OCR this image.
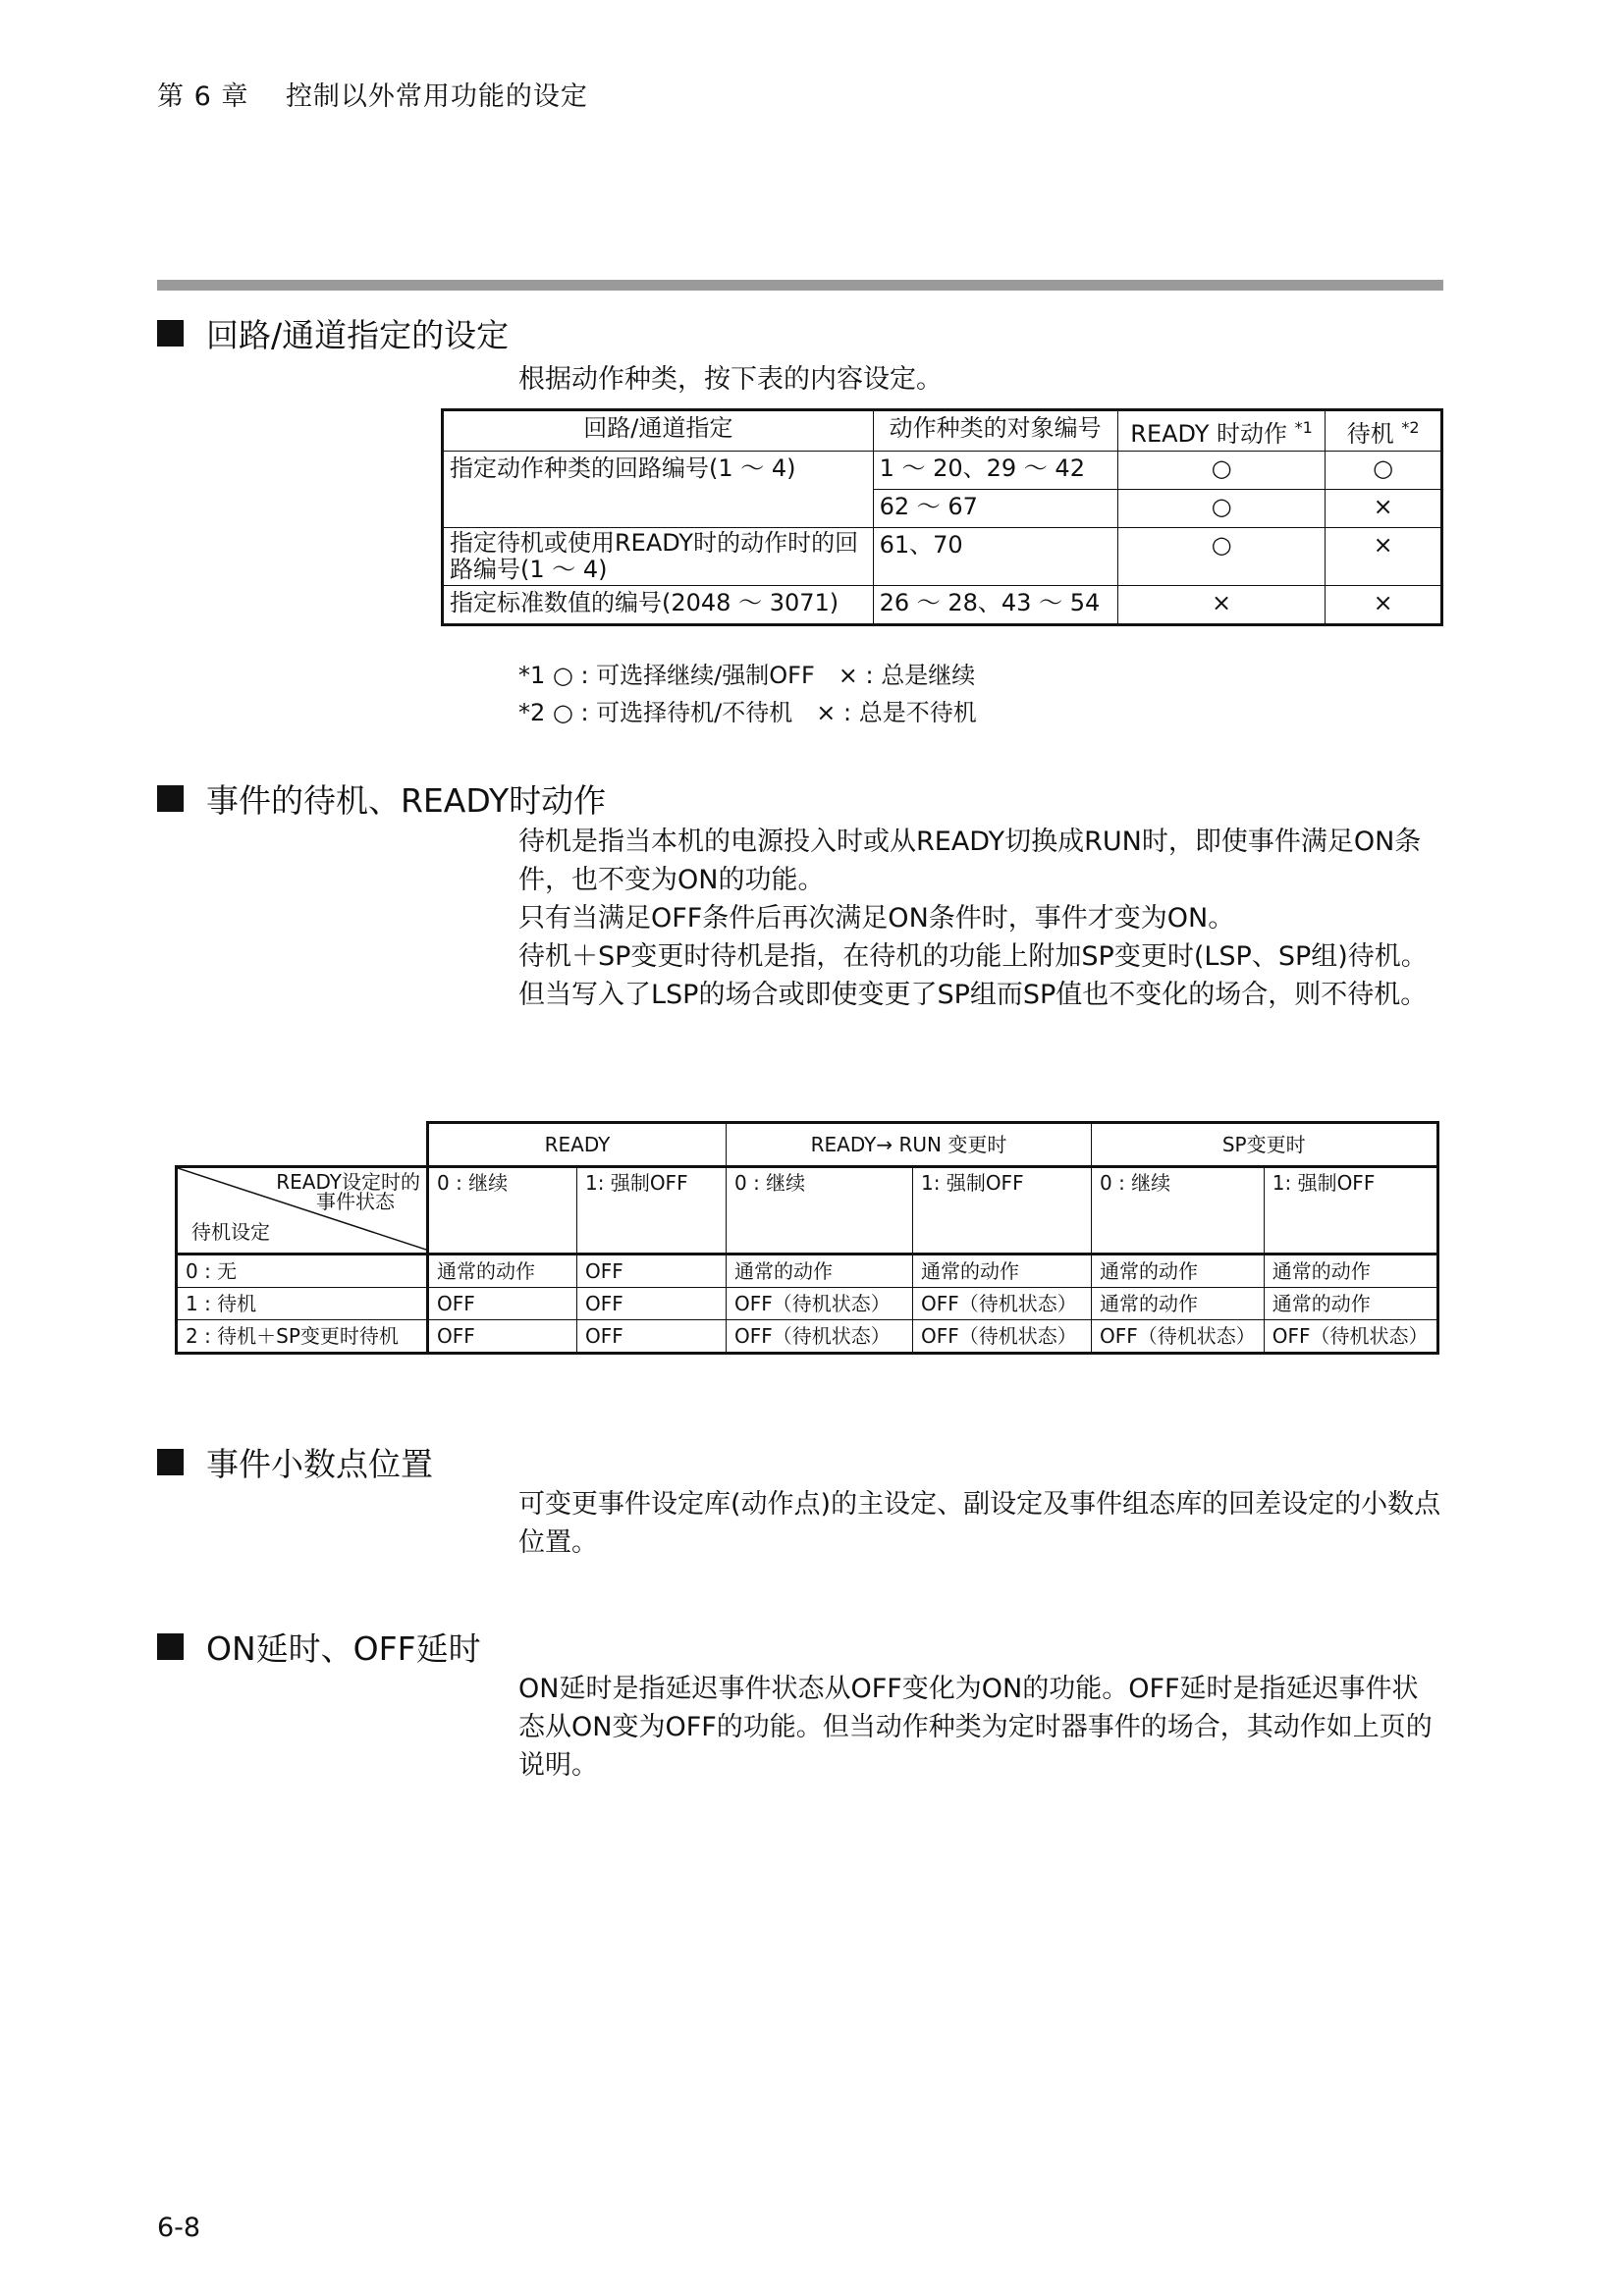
第 6 章 控制以外常用功能的设定
回路/通道指定的设定

根据动作种类，按下表的内容设定。

回路/通道指定	动作种类的对象编号	READY 时动作 $^{*1}$	待机 $^{*2}$
指定动作种类的回路编号(1 ～ 4)	1 ～ 20、29 ～ 42	○	○
	62 ～ 67	○	×
指定待机或使用READY时的动作时的回路编号(1 ～ 4)	61、70	○	×
指定标准数值的编号(2048 ～ 3071)	26 ～ 28、43 ～ 54	×	×
*1 ○ : 可选择继续/强制OFF　× : 总是继续
*2 ○ : 可选择待机/不待机　× : 总是不待机
事件的待机、READY时动作

待机是指当本机的电源投入时或从READY切换成RUN时，即使事件满足ON条件，也不变为ON的功能。

只有当满足OFF条件后再次满足ON条件时，事件才变为ON。

待机＋SP变更时待机是指，在待机的功能上附加SP变更时(LSP、SP组)待机。

但当写入了LSP的场合或即使变更了SP组而SP值也不变化的场合，则不待机。

	READY		READY→ RUN 变更时		SP变更时	

READY设定时的
事件状态
待机设定	0 : 继续	1: 强制OFF	0 : 继续	1: 强制OFF	0 : 继续	1: 强制OFF
0 : 无	通常的动作	OFF	通常的动作	通常的动作	通常的动作	通常的动作
1 : 待机	OFF	OFF	OFF（待机状态）	OFF（待机状态）	通常的动作	通常的动作
2 : 待机＋SP变更时待机	OFF	OFF	OFF（待机状态）	OFF（待机状态）	OFF（待机状态）	OFF（待机状态）
事件小数点位置

可变更事件设定库(动作点)的主设定、副设定及事件组态库的回差设定的小数点位置。

ON延时、OFF延时

ON延时是指延迟事件状态从OFF变化为ON的功能。OFF延时是指延迟事件状态从ON变为OFF的功能。但当动作种类为定时器事件的场合，其动作如上页的说明。

6-8
